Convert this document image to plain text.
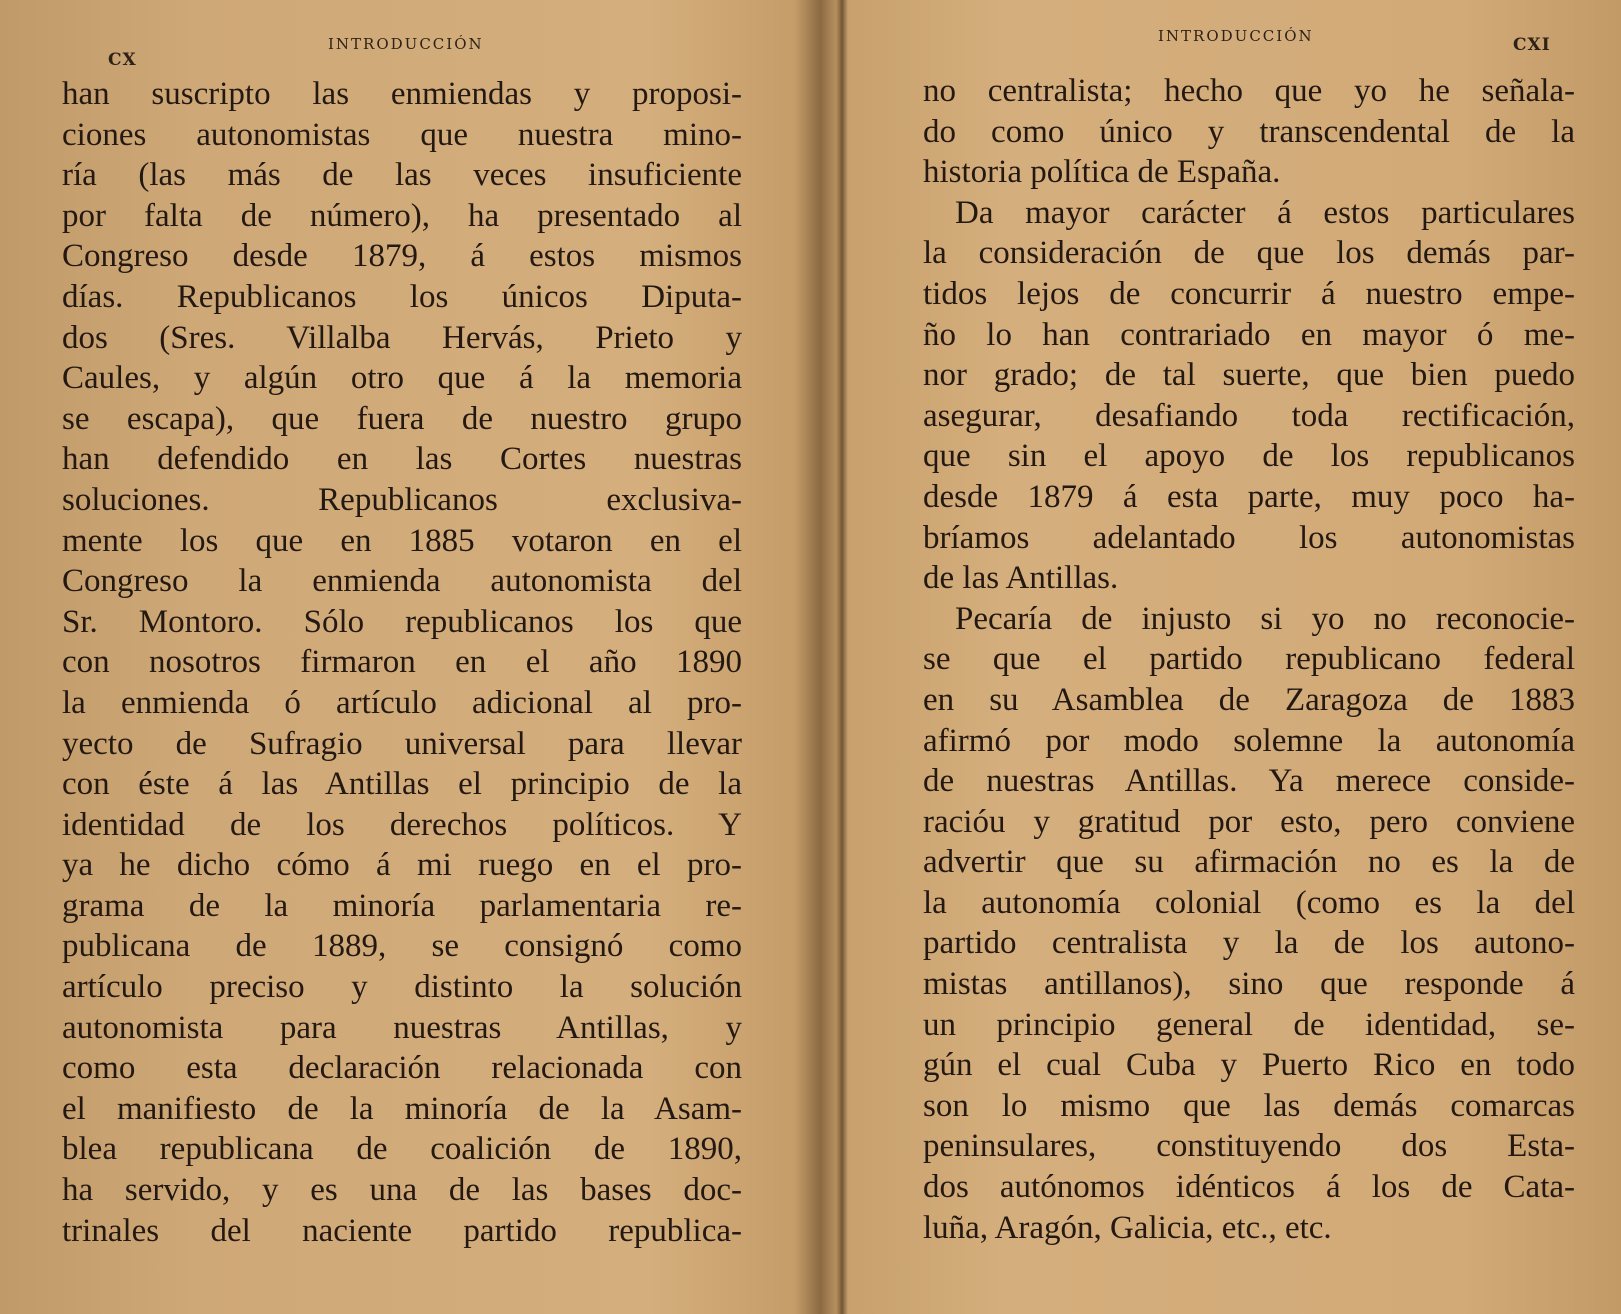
CX
INTRODUCCIÓN
han suscripto las enmiendas y proposi-
ciones autonomistas que nuestra mino-
ría (las más de las veces insuficiente
por falta de número), ha presentado al
Congreso desde 1879, á estos mismos
días. Republicanos los únicos Diputa-
dos (Sres. Villalba Hervás, Prieto y
Caules, y algún otro que á la memoria
se escapa), que fuera de nuestro grupo
han defendido en las Cortes nuestras
soluciones. Republicanos exclusiva-
mente los que en 1885 votaron en el
Congreso la enmienda autonomista del
Sr. Montoro. Sólo republicanos los que
con nosotros firmaron en el año 1890
la enmienda ó artículo adicional al pro-
yecto de Sufragio universal para llevar
con éste á las Antillas el principio de la
identidad de los derechos políticos. Y
ya he dicho cómo á mi ruego en el pro-
grama de la minoría parlamentaria re-
publicana de 1889, se consignó como
artículo preciso y distinto la solución
autonomista para nuestras Antillas, y
como esta declaración relacionada con
el manifiesto de la minoría de la Asam-
blea republicana de coalición de 1890,
ha servido, y es una de las bases doc-
trinales del naciente partido republica-
INTRODUCCIÓN	CXI
no centralista; hecho que yo he señala-
do como único y transcendental de la
historia política de España.
Da mayor carácter á estos particulares
la consideración de que los demás par-
tidos lejos de concurrir á nuestro empe-
ño lo han contrariado en mayor ó me-
nor grado; de tal suerte, que bien puedo
asegurar, desafiando toda rectificación,
que sin el apoyo de los republicanos
desde 1879 á esta parte, muy poco ha-
bríamos adelantado los autonomistas
de las Antillas.
Pecaría de injusto si yo no reconocie-
se que el partido republicano federal
en su Asamblea de Zaragoza de 1883
afirmó por modo solemne la autonomía
de nuestras Antillas. Ya merece conside-
racióu y gratitud por esto, pero conviene
advertir que su afirmación no es la de
la autonomía colonial (como es la del
partido centralista y la de los autono-
mistas antillanos), sino que responde á
un principio general de identidad, se-
gún el cual Cuba y Puerto Rico en todo
son lo mismo que las demás comarcas
peninsulares, constituyendo dos Esta-
dos autónomos idénticos á los de Cata-
luña, Aragón, Galicia, etc., etc.
